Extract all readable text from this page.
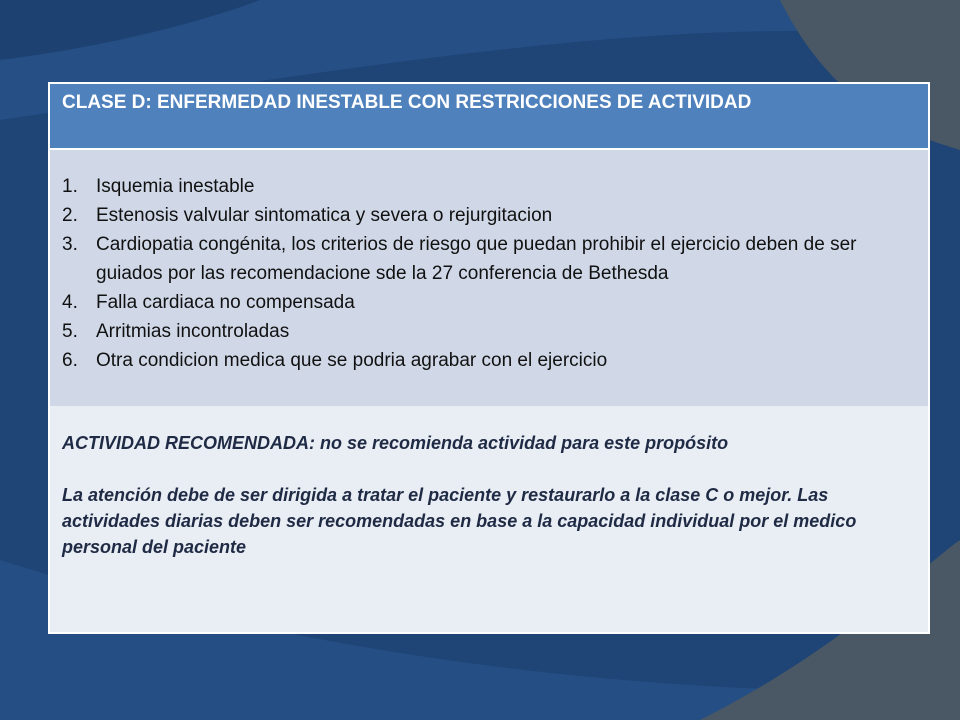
CLASE D: ENFERMEDAD INESTABLE CON RESTRICCIONES DE ACTIVIDAD
1. Isquemia inestable
2. Estenosis valvular sintomatica y severa o rejurgitacion
3. Cardiopatia congénita, los criterios de riesgo que puedan prohibir el ejercicio deben de ser guiados por las recomendacione sde la 27 conferencia de Bethesda
4. Falla cardiaca no compensada
5. Arritmias incontroladas
6. Otra condicion medica que se podria agrabar con el ejercicio

ACTIVIDAD RECOMENDADA: no se recomienda actividad para este propósito

La atención debe de ser dirigida a tratar el paciente y restaurarlo a la clase C o mejor. Las actividades diarias deben ser recomendadas en base a la capacidad individual por el medico personal del paciente
